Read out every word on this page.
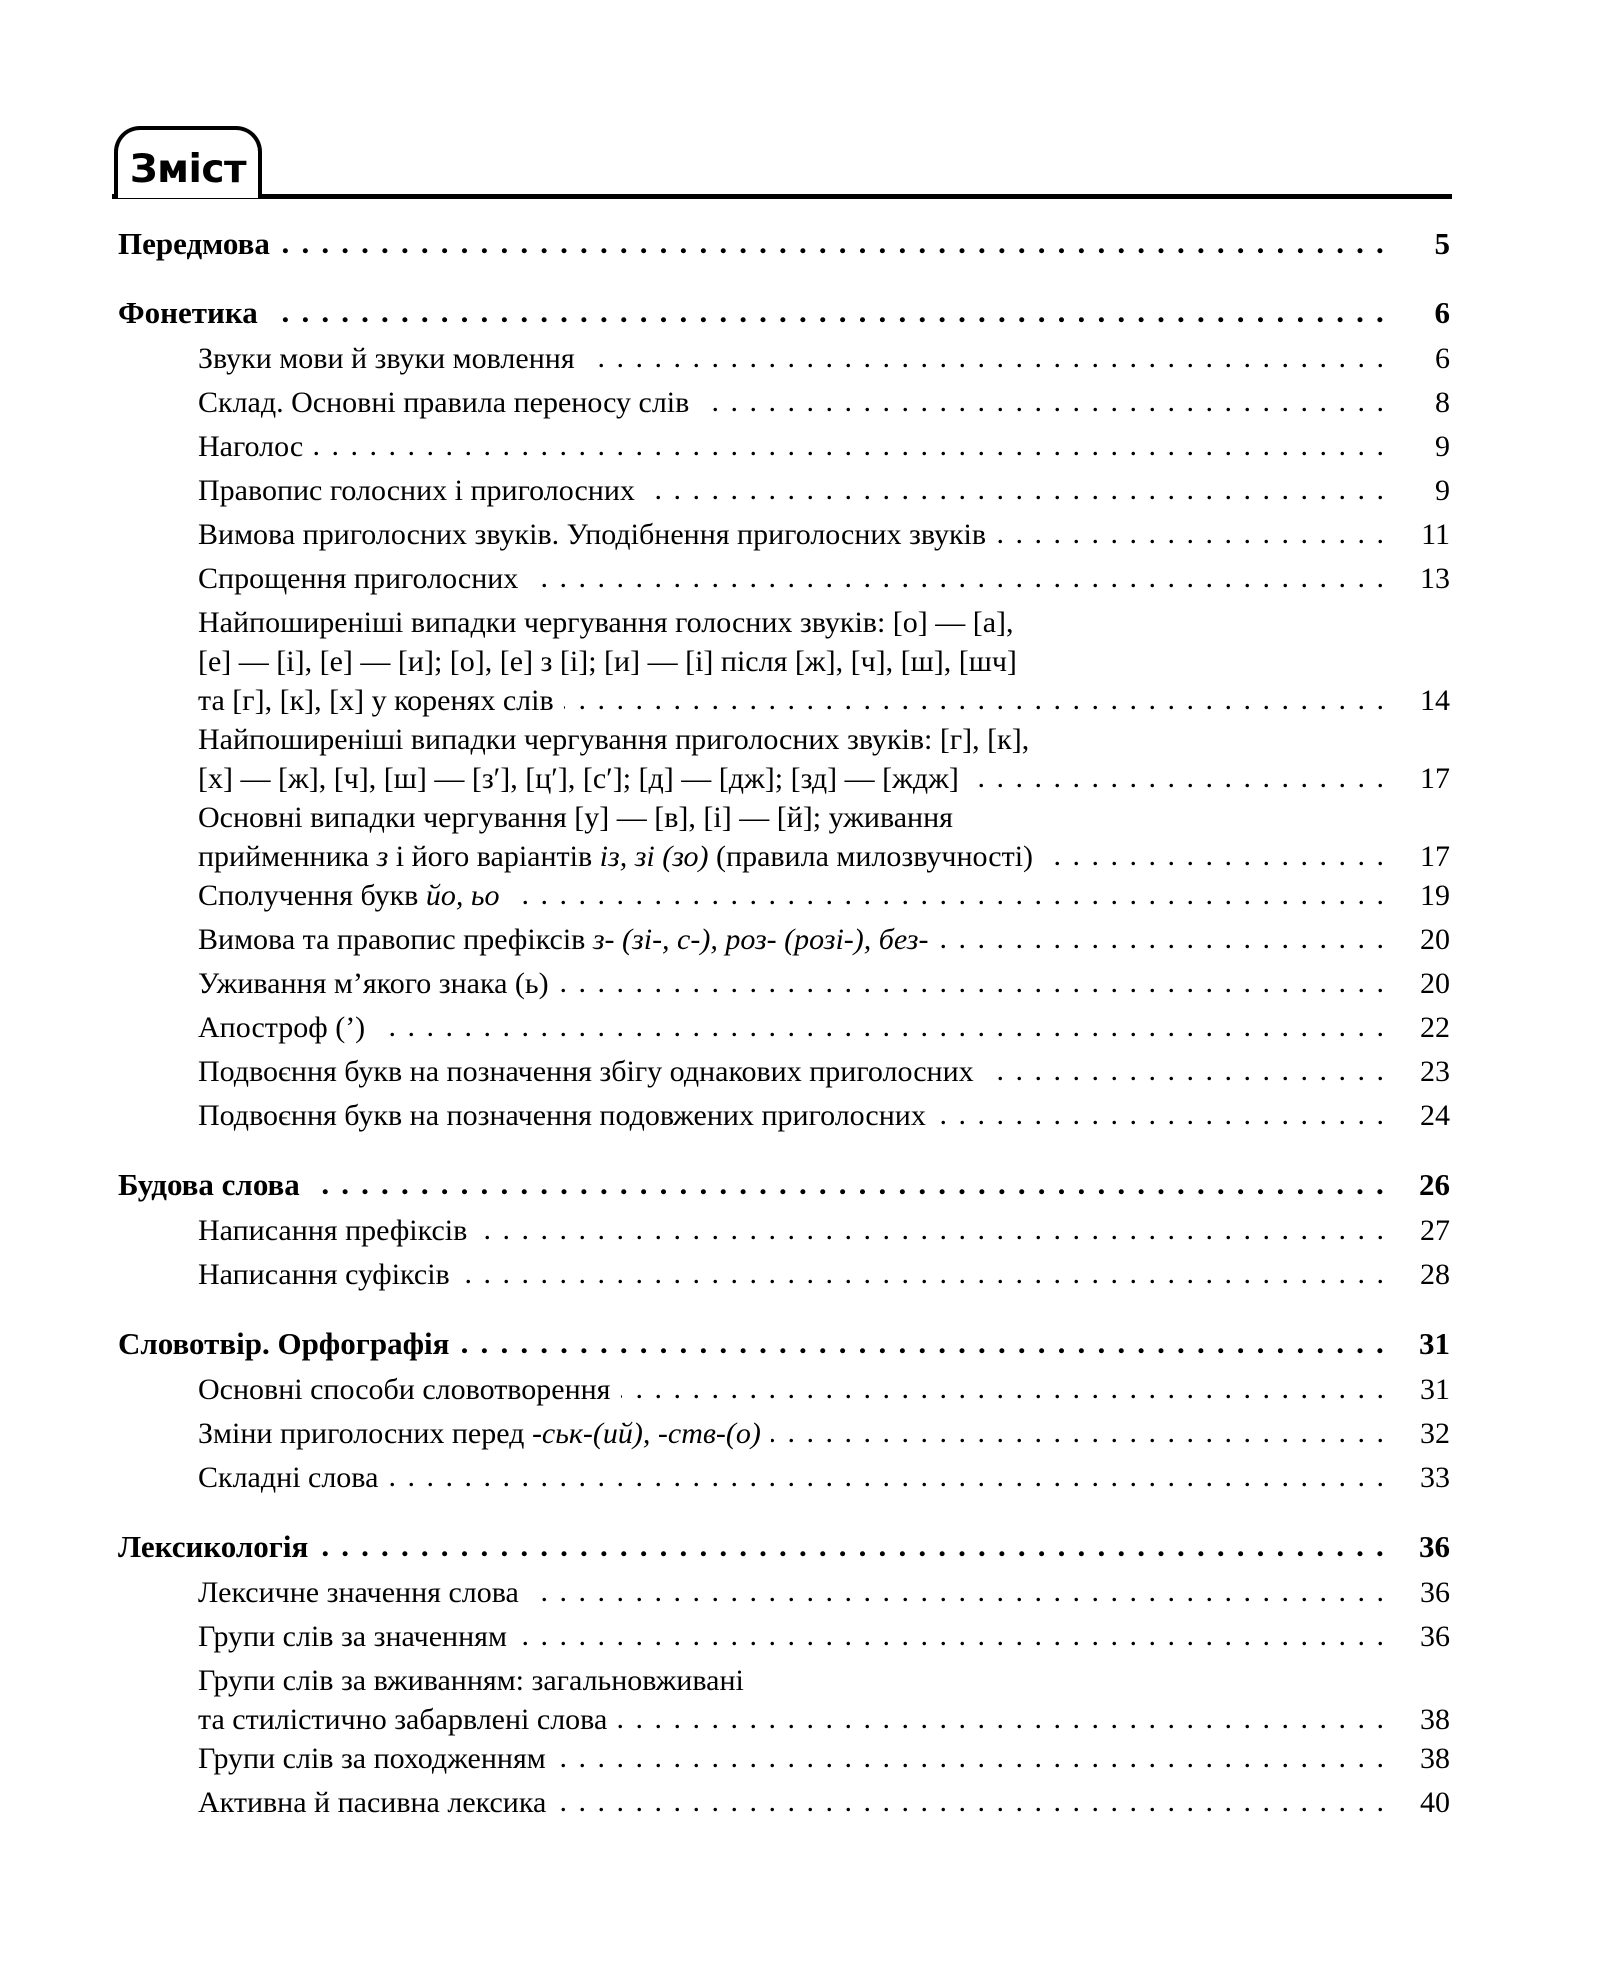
Зміст
Передмова . . .	5
Фонетика . . .	6
Звуки мови й звуки мовлення . . .	6
Склад. Основні правила переносу слів . . .	8
Наголос . . .	9
Правопис голосних і приголосних . . .	9
Вимова приголосних звуків. Уподібнення приголосних звуків . . .	11
Спрощення приголосних . . .	13
Найпоширеніші випадки чергування голосних звуків: [о] — [а],
[е] — [і], [е] — [и]; [о], [е] з [і]; [и] — [і] після [ж], [ч], [ш], [шч]
та [г], [к], [х] у коренях слів . . .	14
Найпоширеніші випадки чергування приголосних звуків: [г], [к],
[х] — [ж], [ч], [ш] — [з′], [ц′], [с′]; [д] — [дж]; [зд] — [ждж] . . .	17
Основні випадки чергування [у] — [в], [і] — [й]; уживання
прийменника з і його варіантів із, зі (зо) (правила милозвучності) . . .	17
Сполучення букв йо, ьо . . .	19
Вимова та правопис префіксів з- (зі-, с-), роз- (розі-), без- . . .	20
Уживання м’якого знака (ь) . . .	20
Апостроф (’) . . .	22
Подвоєння букв на позначення збігу однакових приголосних . . .	23
Подвоєння букв на позначення подовжених приголосних . . .	24
Будова слова . . .	26
Написання префіксів . . .	27
Написання суфіксів . . .	28
Словотвір. Орфографія . . .	31
Основні способи словотворення . . .	31
Зміни приголосних перед -ськ-(ий), -ств-(о) . . .	32
Складні слова . . .	33
Лексикологія . . .	36
Лексичне значення слова . . .	36
Групи слів за значенням . . .	36
Групи слів за вживанням: загальновживані
та стилістично забарвлені слова . . .	38
Групи слів за походженням . . .	38
Активна й пасивна лексика . . .	40
